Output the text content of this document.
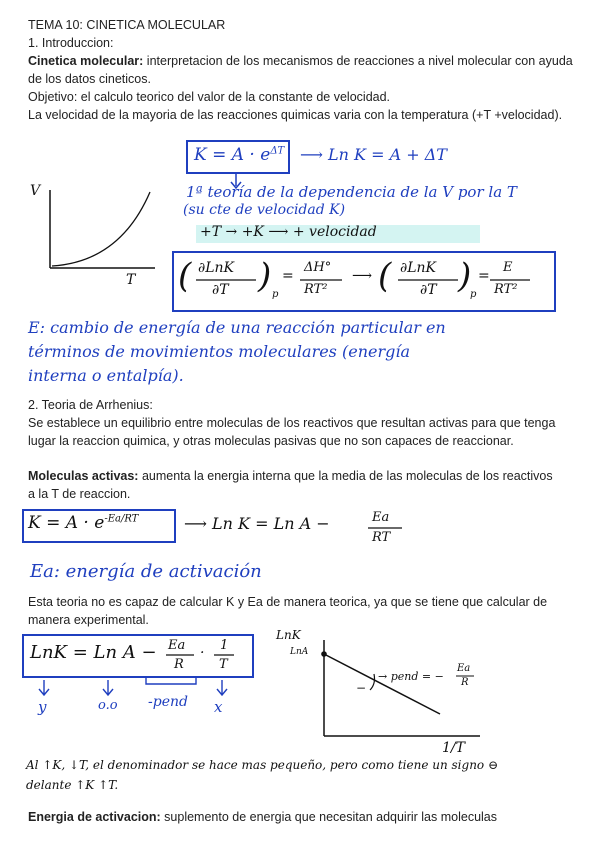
TEMA 10: CINETICA MOLECULAR

1. Introduccion:

Cinetica molecular: interpretacion de los mecanismos de reacciones a nivel molecular con ayuda de los datos cineticos.

Objetivo: el calculo teorico del valor de la constante de velocidad.

La velocidad de la mayoria de las reacciones quimicas varia con la temperatura (+T +velocidad).

$K = A \cdot e^{\Delta T}$ ⟶ Ln K = A + ΔT
V
T
1ª teoría de la dependencia de la V por la T
(su cte de velocidad K)
+T → +K ⟶ + velocidad
( )
∂LnK
∂T	p
=
ΔH°
RT²
⟶ ( )
∂LnK
∂T	p
=
E
RT²
E: cambio de energía de una reacción particular en
términos de movimientos moleculares (energía
interna o entalpía).

2. Teoria de Arrhenius:

Se establece un equilibrio entre moleculas de los reactivos que resultan activas para que tenga lugar la reaccion quimica, y otras moleculas pasivas que no son capaces de reaccionar.

Moleculas activas: aumenta la energia interna que la media de las moleculas de los reactivos a la T de reaccion.

$K = A \cdot e^{-Ea/RT}$	⟶ Ln K = Ln A −	Ea
RT
Ea: energía de activación

Esta teoria no es capaz de calcular K y Ea de manera teorica, ya que se tiene que calcular de manera experimental.

LnK = Ln A − Ea
R
· 1
T
y	o.o -pend x
LnK
LnA
−
→ pend = −
Ea
R
1/T
Al ↑K, ↓T, el denominador se hace mas pequeño, pero como tiene un signo ⊖
delante ↑K ↑T.

Energia de activacion: suplemento de energia que necesitan adquirir las moleculas
